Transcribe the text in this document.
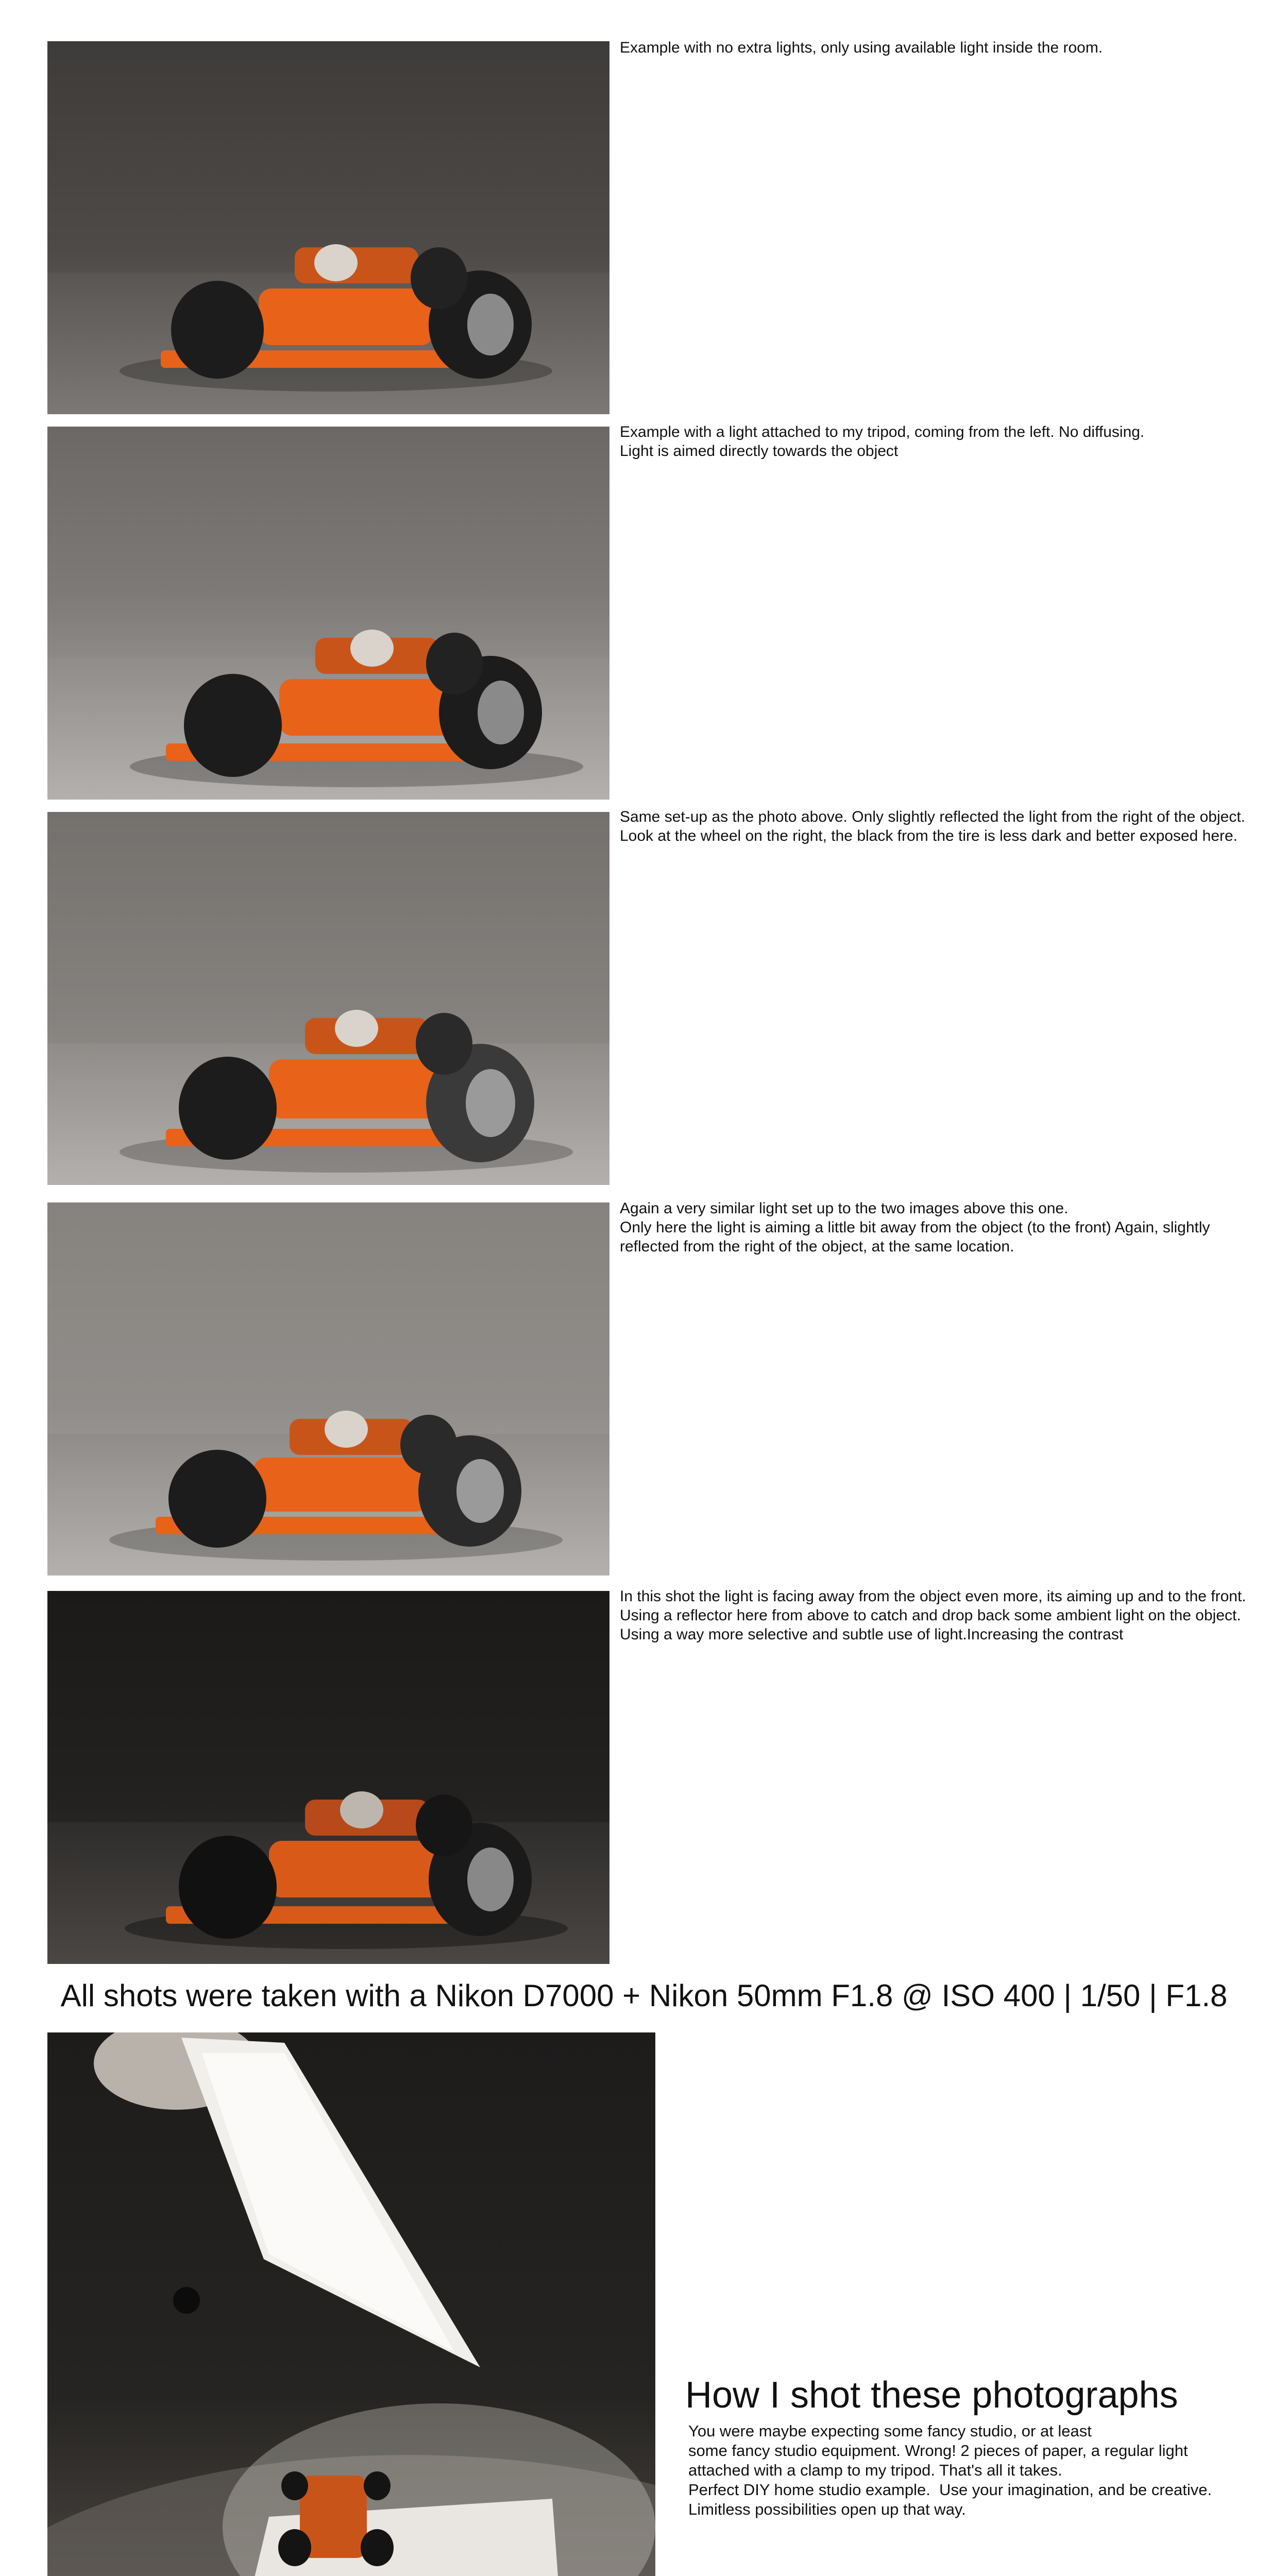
Example with no extra lights, only using available light inside the room.
Example with a light attached to my tripod, coming from the left. No diffusing.
Light is aimed directly towards the object
Same set-up as the photo above. Only slightly reflected the light from the right of the object.
Look at the wheel on the right, the black from the tire is less dark and better exposed here.
Again a very similar light set up to the two images above this one.
Only here the light is aiming a little bit away from the object (to the front) Again, slightly
reflected from the right of the object, at the same location.
In this shot the light is facing away from the object even more, its aiming up and to the front.
Using a reflector here from above to catch and drop back some ambient light on the object.
Using a way more selective and subtle use of light.Increasing the contrast
All shots were taken with a Nikon D7000 + Nikon 50mm F1.8 @ ISO 400 | 1/50 | F1.8
How I shot these photographs
You were maybe expecting some fancy studio, or at least
some fancy studio equipment. Wrong! 2 pieces of paper, a regular light
attached with a clamp to my tripod. That's all it takes.
Perfect DIY home studio example.  Use your imagination, and be creative.
Limitless possibilities open up that way.
